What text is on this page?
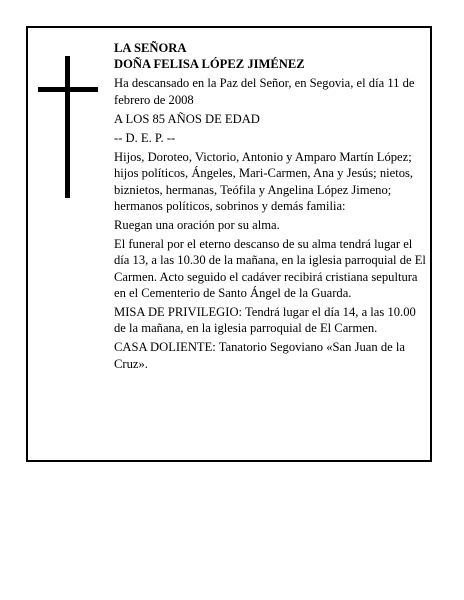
LA SEÑORA
DOÑA FELISA LÓPEZ JIMÉNEZ

Ha descansado en la Paz del Señor, en Segovia, el día 11 de febrero de 2008

A LOS 85 AÑOS DE EDAD

-- D. E. P. --

Hijos, Doroteo, Victorio, Antonio y Amparo Martín López; hijos políticos, Ángeles, Mari-Carmen, Ana y Jesús; nietos, biznietos, hermanas, Teófila y Angelina López Jimeno; hermanos políticos, sobrinos y demás familia:

Ruegan una oración por su alma.

El funeral por el eterno descanso de su alma tendrá lugar el día 13, a las 10.30 de la mañana, en la iglesia parroquial de El Carmen. Acto seguido el cadáver recibirá cristiana sepultura en el Cementerio de Santo Ángel de la Guarda.

MISA DE PRIVILEGIO: Tendrá lugar el día 14, a las 10.00 de la mañana, en la iglesia parroquial de El Carmen.

CASA DOLIENTE: Tanatorio Segoviano «San Juan de la Cruz».
